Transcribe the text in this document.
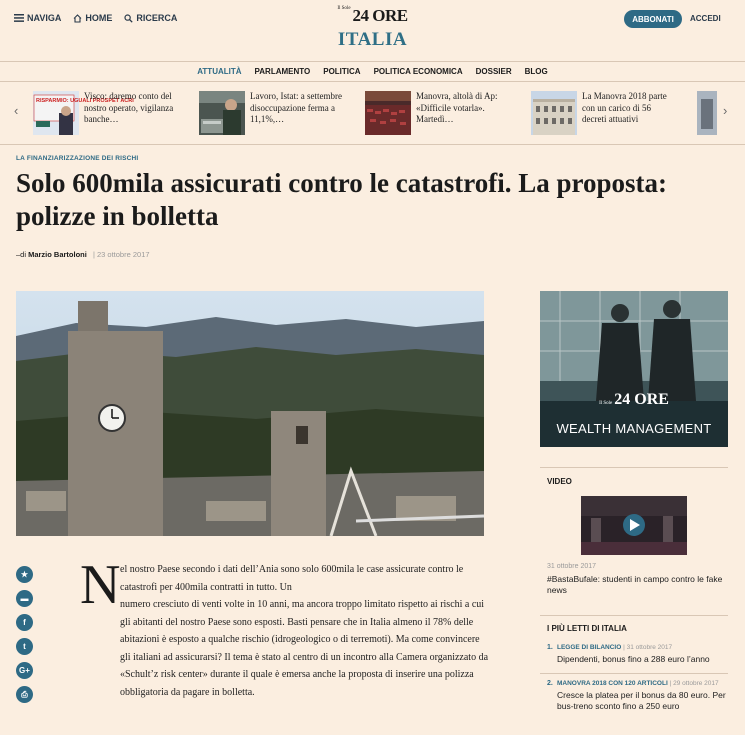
NAVIGA	HOME	RICERCA
$^{Il Sole}$ 24 ORE
ITALIA
ABBONATI	ACCEDI
ATTUALITÀ PARLAMENTO POLITICA POLITICA ECONOMICA DOSSIER BLOG
‹
RISPARMIO: UGUALI PROSPET ACRI
Visco: daremo conto del nostro operato, vigilanza banche…
Lavoro, Istat: a settembre disoccupazione ferma a 11,1%,…
Manovra, altolà di Ap: «Difficile votarla». Martedì…
La Manovra 2018 parte con un carico di 56 decreti attuativi
›
LA FINANZIARIZZAZIONE DEI RISCHI
Solo 600mila assicurati contro le catastrofi. La proposta: polizze in bolletta
–di Marzio Bartoloni | 23 ottobre 2017
★
▬
f
t
G+
⎙
N el nostro Paese secondo i dati dell’Ania sono solo 600mila le case assicurate contro le catastrofi per 400mila contratti in tutto. Un
numero cresciuto di venti volte in 10 anni, ma ancora troppo limitato rispetto ai rischi a cui gli abitanti del nostro Paese sono esposti. Basti pensare che in Italia almeno il 78% delle abitazioni è esposto a qualche rischio (idrogeologico o di terremoti). Ma come convincere gli italiani ad assicurarsi? Il tema è stato al centro di un incontro alla Camera organizzato da «Schult’z risk center» durante il quale è emersa anche la proposta di inserire una polizza obbligatoria da pagare in bolletta.
Il Sole 24 ORE
WEALTH MANAGEMENT
VIDEO
31 ottobre 2017
#BastaBufale: studenti in campo contro le fake news
I PIÙ LETTI DI ITALIA
1. LEGGE DI BILANCIO | 31 ottobre 2017
Dipendenti, bonus fino a 288 euro l’anno
2. MANOVRA 2018 CON 120 ARTICOLI | 29 ottobre 2017
Cresce la platea per il bonus da 80 euro. Per bus-treno sconto fino a 250 euro
